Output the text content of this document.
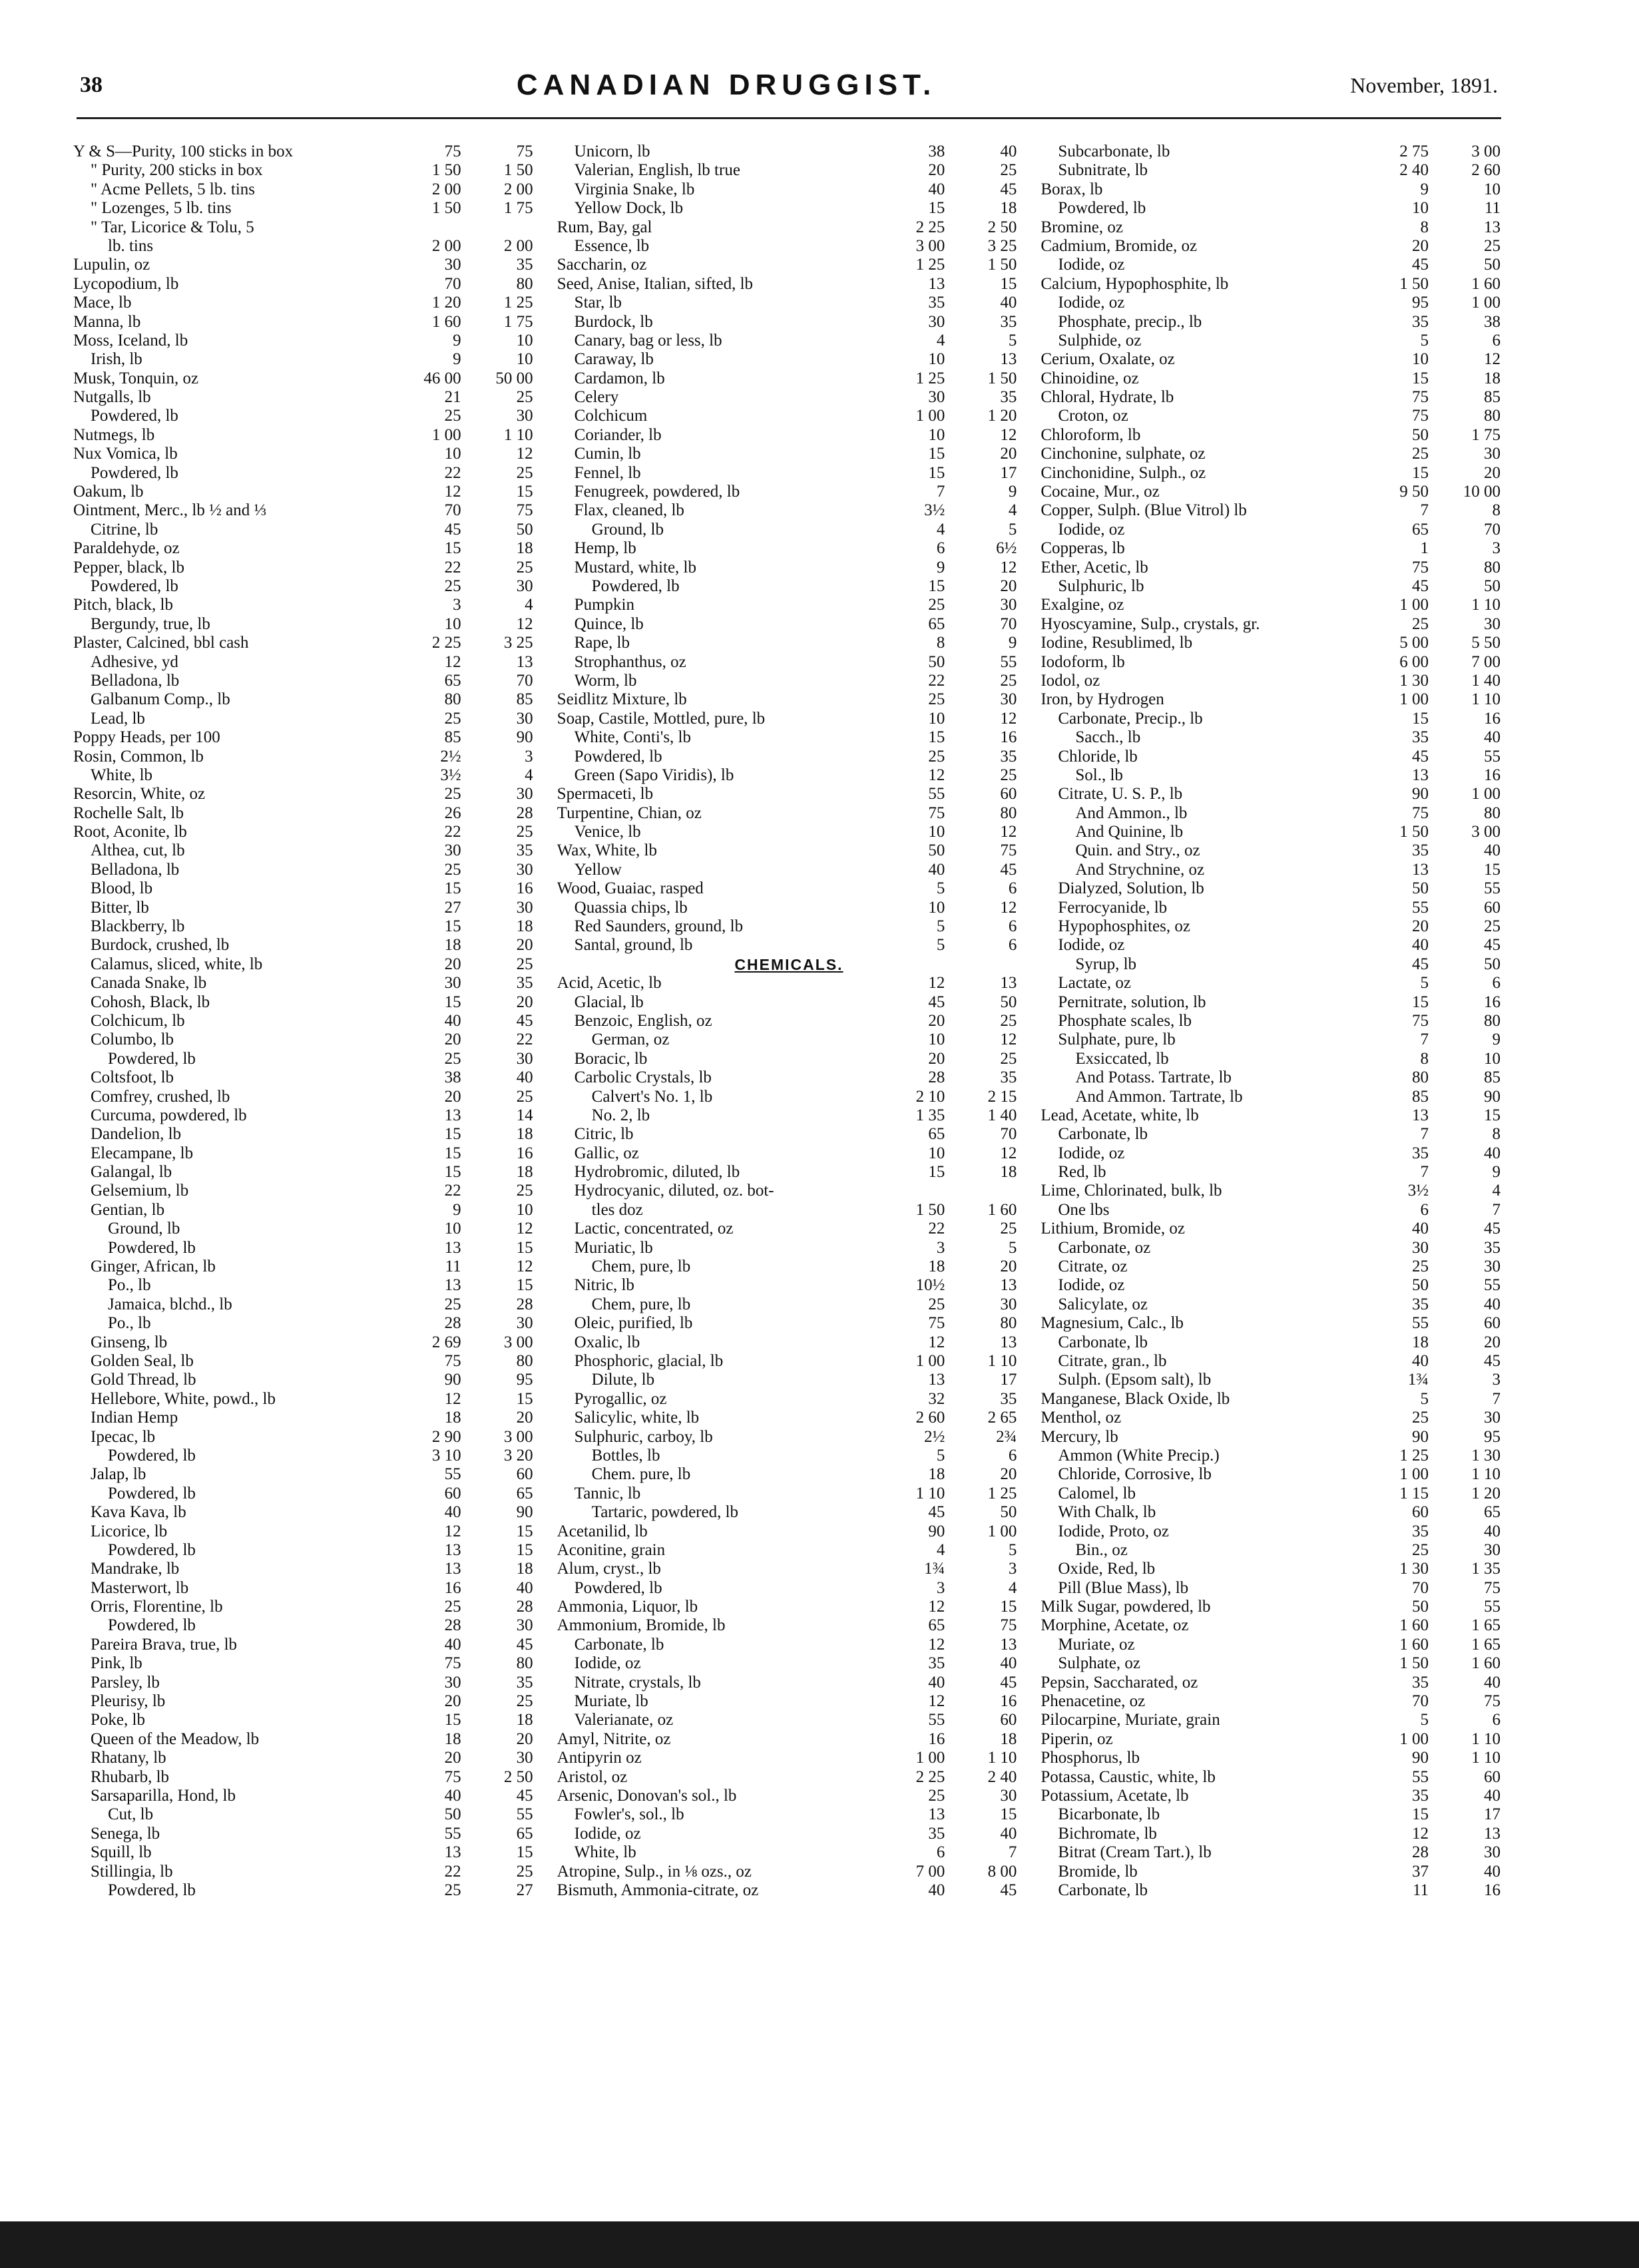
38	CANADIAN DRUGGIST.	November, 1891.
Y & S—Purity, 100 sticks in box	75	75
" Purity, 200 sticks in box	1 50	1 50
" Acme Pellets, 5 lb. tins	2 00	2 00
" Lozenges, 5 lb. tins	1 50	1 75
" Tar, Licorice & Tolu, 5
lb. tins	2 00	2 00
Lupulin, oz	30	35
Lycopodium, lb	70	80
Mace, lb	1 20	1 25
Manna, lb	1 60	1 75
Moss, Iceland, lb	9	10
Irish, lb	9	10
Musk, Tonquin, oz	46 00	50 00
Nutgalls, lb	21	25
Powdered, lb	25	30
Nutmegs, lb	1 00	1 10
Nux Vomica, lb	10	12
Powdered, lb	22	25
Oakum, lb	12	15
Ointment, Merc., lb ½ and ⅓	70	75
Citrine, lb	45	50
Paraldehyde, oz	15	18
Pepper, black, lb	22	25
Powdered, lb	25	30
Pitch, black, lb	3	4
Bergundy, true, lb	10	12
Plaster, Calcined, bbl cash	2 25	3 25
Adhesive, yd	12	13
Belladona, lb	65	70
Galbanum Comp., lb	80	85
Lead, lb	25	30
Poppy Heads, per 100	85	90
Rosin, Common, lb	2½	3
White, lb	3½	4
Resorcin, White, oz	25	30
Rochelle Salt, lb	26	28
Root, Aconite, lb	22	25
Althea, cut, lb	30	35
Belladona, lb	25	30
Blood, lb	15	16
Bitter, lb	27	30
Blackberry, lb	15	18
Burdock, crushed, lb	18	20
Calamus, sliced, white, lb	20	25
Canada Snake, lb	30	35
Cohosh, Black, lb	15	20
Colchicum, lb	40	45
Columbo, lb	20	22
Powdered, lb	25	30
Coltsfoot, lb	38	40
Comfrey, crushed, lb	20	25
Curcuma, powdered, lb	13	14
Dandelion, lb	15	18
Elecampane, lb	15	16
Galangal, lb	15	18
Gelsemium, lb	22	25
Gentian, lb	9	10
Ground, lb	10	12
Powdered, lb	13	15
Ginger, African, lb	11	12
Po., lb	13	15
Jamaica, blchd., lb	25	28
Po., lb	28	30
Ginseng, lb	2 69	3 00
Golden Seal, lb	75	80
Gold Thread, lb	90	95
Hellebore, White, powd., lb	12	15
Indian Hemp	18	20
Ipecac, lb	2 90	3 00
Powdered, lb	3 10	3 20
Jalap, lb	55	60
Powdered, lb	60	65
Kava Kava, lb	40	90
Licorice, lb	12	15
Powdered, lb	13	15
Mandrake, lb	13	18
Masterwort, lb	16	40
Orris, Florentine, lb	25	28
Powdered, lb	28	30
Pareira Brava, true, lb	40	45
Pink, lb	75	80
Parsley, lb	30	35
Pleurisy, lb	20	25
Poke, lb	15	18
Queen of the Meadow, lb	18	20
Rhatany, lb	20	30
Rhubarb, lb	75	2 50
Sarsaparilla, Hond, lb	40	45
Cut, lb	50	55
Senega, lb	55	65
Squill, lb	13	15
Stillingia, lb	22	25
Powdered, lb	25	27
Unicorn, lb	38	40
Valerian, English, lb true	20	25
Virginia Snake, lb	40	45
Yellow Dock, lb	15	18
Rum, Bay, gal	2 25	2 50
Essence, lb	3 00	3 25
Saccharin, oz	1 25	1 50
Seed, Anise, Italian, sifted, lb	13	15
Star, lb	35	40
Burdock, lb	30	35
Canary, bag or less, lb	4	5
Caraway, lb	10	13
Cardamon, lb	1 25	1 50
Celery	30	35
Colchicum	1 00	1 20
Coriander, lb	10	12
Cumin, lb	15	20
Fennel, lb	15	17
Fenugreek, powdered, lb	7	9
Flax, cleaned, lb	3½	4
Ground, lb	4	5
Hemp, lb	6	6½
Mustard, white, lb	9	12
Powdered, lb	15	20
Pumpkin	25	30
Quince, lb	65	70
Rape, lb	8	9
Strophanthus, oz	50	55
Worm, lb	22	25
Seidlitz Mixture, lb	25	30
Soap, Castile, Mottled, pure, lb	10	12
White, Conti's, lb	15	16
Powdered, lb	25	35
Green (Sapo Viridis), lb	12	25
Spermaceti, lb	55	60
Turpentine, Chian, oz	75	80
Venice, lb	10	12
Wax, White, lb	50	75
Yellow	40	45
Wood, Guaiac, rasped	5	6
Quassia chips, lb	10	12
Red Saunders, ground, lb	5	6
Santal, ground, lb	5	6
CHEMICALS.
Acid, Acetic, lb	12	13
Glacial, lb	45	50
Benzoic, English, oz	20	25
German, oz	10	12
Boracic, lb	20	25
Carbolic Crystals, lb	28	35
Calvert's No. 1, lb	2 10	2 15
No. 2, lb	1 35	1 40
Citric, lb	65	70
Gallic, oz	10	12
Hydrobromic, diluted, lb	15	18
Hydrocyanic, diluted, oz. bot-
tles doz	1 50	1 60
Lactic, concentrated, oz	22	25
Muriatic, lb	3	5
Chem, pure, lb	18	20
Nitric, lb	10½	13
Chem, pure, lb	25	30
Oleic, purified, lb	75	80
Oxalic, lb	12	13
Phosphoric, glacial, lb	1 00	1 10
Dilute, lb	13	17
Pyrogallic, oz	32	35
Salicylic, white, lb	2 60	2 65
Sulphuric, carboy, lb	2½	2¾
Bottles, lb	5	6
Chem. pure, lb	18	20
Tannic, lb	1 10	1 25
Tartaric, powdered, lb	45	50
Acetanilid, lb	90	1 00
Aconitine, grain	4	5
Alum, cryst., lb	1¾	3
Powdered, lb	3	4
Ammonia, Liquor, lb	12	15
Ammonium, Bromide, lb	65	75
Carbonate, lb	12	13
Iodide, oz	35	40
Nitrate, crystals, lb	40	45
Muriate, lb	12	16
Valerianate, oz	55	60
Amyl, Nitrite, oz	16	18
Antipyrin oz	1 00	1 10
Aristol, oz	2 25	2 40
Arsenic, Donovan's sol., lb	25	30
Fowler's, sol., lb	13	15
Iodide, oz	35	40
White, lb	6	7
Atropine, Sulp., in ⅛ ozs., oz	7 00	8 00
Bismuth, Ammonia-citrate, oz	40	45
Subcarbonate, lb	2 75	3 00
Subnitrate, lb	2 40	2 60
Borax, lb	9	10
Powdered, lb	10	11
Bromine, oz	8	13
Cadmium, Bromide, oz	20	25
Iodide, oz	45	50
Calcium, Hypophosphite, lb	1 50	1 60
Iodide, oz	95	1 00
Phosphate, precip., lb	35	38
Sulphide, oz	5	6
Cerium, Oxalate, oz	10	12
Chinoidine, oz	15	18
Chloral, Hydrate, lb	75	85
Croton, oz	75	80
Chloroform, lb	50	1 75
Cinchonine, sulphate, oz	25	30
Cinchonidine, Sulph., oz	15	20
Cocaine, Mur., oz	9 50	10 00
Copper, Sulph. (Blue Vitrol) lb	7	8
Iodide, oz	65	70
Copperas, lb	1	3
Ether, Acetic, lb	75	80
Sulphuric, lb	45	50
Exalgine, oz	1 00	1 10
Hyoscyamine, Sulp., crystals, gr.	25	30
Iodine, Resublimed, lb	5 00	5 50
Iodoform, lb	6 00	7 00
Iodol, oz	1 30	1 40
Iron, by Hydrogen	1 00	1 10
Carbonate, Precip., lb	15	16
Sacch., lb	35	40
Chloride, lb	45	55
Sol., lb	13	16
Citrate, U. S. P., lb	90	1 00
And Ammon., lb	75	80
And Quinine, lb	1 50	3 00
Quin. and Stry., oz	35	40
And Strychnine, oz	13	15
Dialyzed, Solution, lb	50	55
Ferrocyanide, lb	55	60
Hypophosphites, oz	20	25
Iodide, oz	40	45
Syrup, lb	45	50
Lactate, oz	5	6
Pernitrate, solution, lb	15	16
Phosphate scales, lb	75	80
Sulphate, pure, lb	7	9
Exsiccated, lb	8	10
And Potass. Tartrate, lb	80	85
And Ammon. Tartrate, lb	85	90
Lead, Acetate, white, lb	13	15
Carbonate, lb	7	8
Iodide, oz	35	40
Red, lb	7	9
Lime, Chlorinated, bulk, lb	3½	4
One lbs	6	7
Lithium, Bromide, oz	40	45
Carbonate, oz	30	35
Citrate, oz	25	30
Iodide, oz	50	55
Salicylate, oz	35	40
Magnesium, Calc., lb	55	60
Carbonate, lb	18	20
Citrate, gran., lb	40	45
Sulph. (Epsom salt), lb	1¾	3
Manganese, Black Oxide, lb	5	7
Menthol, oz	25	30
Mercury, lb	90	95
Ammon (White Precip.)	1 25	1 30
Chloride, Corrosive, lb	1 00	1 10
Calomel, lb	1 15	1 20
With Chalk, lb	60	65
Iodide, Proto, oz	35	40
Bin., oz	25	30
Oxide, Red, lb	1 30	1 35
Pill (Blue Mass), lb	70	75
Milk Sugar, powdered, lb	50	55
Morphine, Acetate, oz	1 60	1 65
Muriate, oz	1 60	1 65
Sulphate, oz	1 50	1 60
Pepsin, Saccharated, oz	35	40
Phenacetine, oz	70	75
Pilocarpine, Muriate, grain	5	6
Piperin, oz	1 00	1 10
Phosphorus, lb	90	1 10
Potassa, Caustic, white, lb	55	60
Potassium, Acetate, lb	35	40
Bicarbonate, lb	15	17
Bichromate, lb	12	13
Bitrat (Cream Tart.), lb	28	30
Bromide, lb	37	40
Carbonate, lb	11	16
